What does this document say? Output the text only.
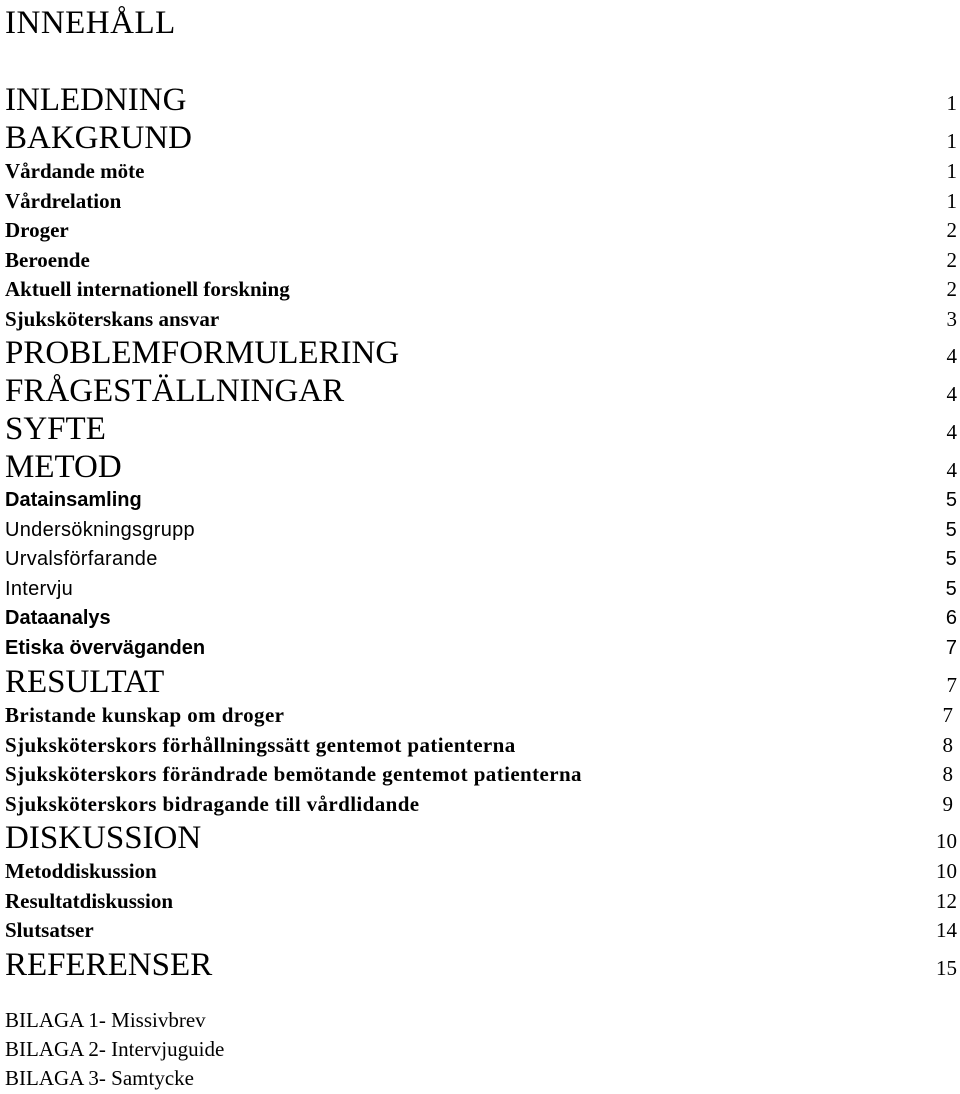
INNEHÅLL
INLEDNING	1
BAKGRUND	1
Vårdande möte	1
Vårdrelation	1
Droger	2
Beroende	2
Aktuell internationell forskning	2
Sjuksköterskans ansvar	3
PROBLEMFORMULERING	4
FRÅGESTÄLLNINGAR	4
SYFTE	4
METOD	4
Datainsamling	5
Undersökningsgrupp	5
Urvalsförfarande	5
Intervju	5
Dataanalys	6
Etiska överväganden	7
RESULTAT	7
Bristande kunskap om droger	7
Sjuksköterskors förhållningssätt gentemot patienterna	8
Sjuksköterskors förändrade bemötande gentemot patienterna	8
Sjuksköterskors bidragande till vårdlidande	9
DISKUSSION	10
Metoddiskussion	10
Resultatdiskussion	12
Slutsatser	14
REFERENSER	15
BILAGA 1- Missivbrev
BILAGA 2- Intervjuguide
BILAGA 3- Samtycke
